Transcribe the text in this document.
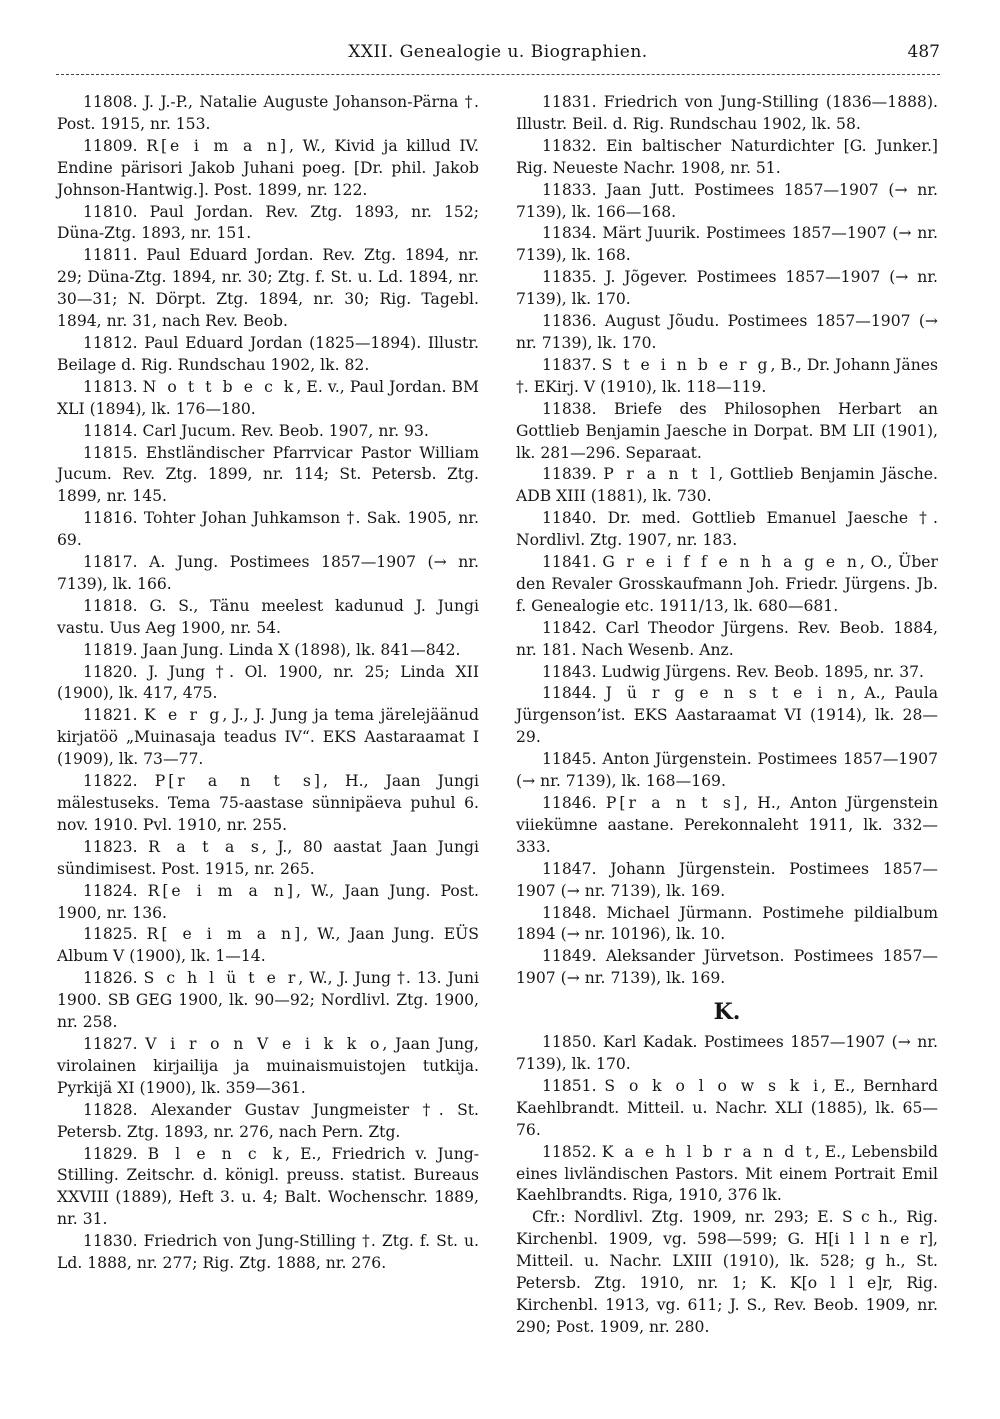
XXII. Genealogie u. Biographien.	487

11808. J. J.-P., Natalie Auguste Johanson-Pärna †. Post. 1915, nr. 153.

11809. R[e i m a n], W., Kivid ja killud IV. Endine pärisori Jakob Juhani poeg. [Dr. phil. Jakob Johnson-Hantwig.]. Post. 1899, nr. 122.

11810. Paul Jordan. Rev. Ztg. 1893, nr. 152; Düna-Ztg. 1893, nr. 151.

11811. Paul Eduard Jordan. Rev. Ztg. 1894, nr. 29; Düna-Ztg. 1894, nr. 30; Ztg. f. St. u. Ld. 1894, nr. 30—31; N. Dörpt. Ztg. 1894, nr. 30; Rig. Tagebl. 1894, nr. 31, nach Rev. Beob.

11812. Paul Eduard Jordan (1825—1894). Illustr. Beilage d. Rig. Rundschau 1902, lk. 82.

11813. N o t t b e c k, E. v., Paul Jordan. BM XLI (1894), lk. 176—180.

11814. Carl Jucum. Rev. Beob. 1907, nr. 93.

11815. Ehstländischer Pfarrvicar Pastor William Jucum. Rev. Ztg. 1899, nr. 114; St. Petersb. Ztg. 1899, nr. 145.

11816. Tohter Johan Juhkamson †. Sak. 1905, nr. 69.

11817. A. Jung. Postimees 1857—1907 (→ nr. 7139), lk. 166.

11818. G. S., Tänu meelest kadunud J. Jungi vastu. Uus Aeg 1900, nr. 54.

11819. Jaan Jung. Linda X (1898), lk. 841—842.

11820. J. Jung †. Ol. 1900, nr. 25; Linda XII (1900), lk. 417, 475.

11821. K e r g, J., J. Jung ja tema järelejäänud kirjatöö „Muinasaja teadus IV“. EKS Aastaraamat I (1909), lk. 73—77.

11822. P[r a n t s], H., Jaan Jungi mälestuseks. Tema 75-aastase sünnipäeva puhul 6. nov. 1910. Pvl. 1910, nr. 255.

11823. R a t a s, J., 80 aastat Jaan Jungi sündimisest. Post. 1915, nr. 265.

11824. R[e i m a n], W., Jaan Jung. Post. 1900, nr. 136.

11825. R[ e i m a n], W., Jaan Jung. EÜS Album V (1900), lk. 1—14.

11826. S c h l ü t e r, W., J. Jung †. 13. Juni 1900. SB GEG 1900, lk. 90—92; Nordlivl. Ztg. 1900, nr. 258.

11827. V i r o n V e i k k o, Jaan Jung, virolainen kirjailija ja muinaismuistojen tutkija. Pyrkijä XI (1900), lk. 359—361.

11828. Alexander Gustav Jungmeister †. St. Petersb. Ztg. 1893, nr. 276, nach Pern. Ztg.

11829. B l e n c k, E., Friedrich v. Jung-Stilling. Zeitschr. d. königl. preuss. statist. Bureaus XXVIII (1889), Heft 3. u. 4; Balt. Wochenschr. 1889, nr. 31.

11830. Friedrich von Jung-Stilling †. Ztg. f. St. u. Ld. 1888, nr. 277; Rig. Ztg. 1888, nr. 276.

11831. Friedrich von Jung-Stilling (1836—1888). Illustr. Beil. d. Rig. Rundschau 1902, lk. 58.

11832. Ein baltischer Naturdichter [G. Junker.] Rig. Neueste Nachr. 1908, nr. 51.

11833. Jaan Jutt. Postimees 1857—1907 (→ nr. 7139), lk. 166—168.

11834. Märt Juurik. Postimees 1857—1907 (→ nr. 7139), lk. 168.

11835. J. Jõgever. Postimees 1857—1907 (→ nr. 7139), lk. 170.

11836. August Jõudu. Postimees 1857—1907 (→ nr. 7139), lk. 170.

11837. S t e i n b e r g, B., Dr. Johann Jänes †. EKirj. V (1910), lk. 118—119.

11838. Briefe des Philosophen Herbart an Gottlieb Benjamin Jaesche in Dorpat. BM LII (1901), lk. 281—296. Separaat.

11839. P r a n t l, Gottlieb Benjamin Jäsche. ADB XIII (1881), lk. 730.

11840. Dr. med. Gottlieb Emanuel Jaesche †. Nordlivl. Ztg. 1907, nr. 183.

11841. G r e i f f e n h a g e n, O., Über den Revaler Grosskaufmann Joh. Friedr. Jürgens. Jb. f. Genealogie etc. 1911/13, lk. 680—681.

11842. Carl Theodor Jürgens. Rev. Beob. 1884, nr. 181. Nach Wesenb. Anz.

11843. Ludwig Jürgens. Rev. Beob. 1895, nr. 37.

11844. J ü r g e n s t e i n, A., Paula Jürgenson’ist. EKS Aastaraamat VI (1914), lk. 28—29.

11845. Anton Jürgenstein. Postimees 1857—1907 (→ nr. 7139), lk. 168—169.

11846. P[r a n t s], H., Anton Jürgenstein viiekümne aastane. Perekonnaleht 1911, lk. 332—333.

11847. Johann Jürgenstein. Postimees 1857—1907 (→ nr. 7139), lk. 169.

11848. Michael Jürmann. Postimehe pildialbum 1894 (→ nr. 10196), lk. 10.

11849. Aleksander Jürvetson. Postimees 1857—1907 (→ nr. 7139), lk. 169.

K.

11850. Karl Kadak. Postimees 1857—1907 (→ nr. 7139), lk. 170.

11851. S o k o l o w s k i, E., Bernhard Kaehlbrandt. Mitteil. u. Nachr. XLI (1885), lk. 65—76.

11852. K a e h l b r a n d t, E., Lebensbild eines livländischen Pastors. Mit einem Portrait Emil Kaehlbrandts. Riga, 1910, 376 lk.

Cfr.: Nordlivl. Ztg. 1909, nr. 293; E. S c h., Rig. Kirchenbl. 1909, vg. 598—599; G. H[i l l n e r], Mitteil. u. Nachr. LXIII (1910), lk. 528; g h., St. Petersb. Ztg. 1910, nr. 1; K. K[o l l e]r, Rig. Kirchenbl. 1913, vg. 611; J. S., Rev. Beob. 1909, nr. 290; Post. 1909, nr. 280.
